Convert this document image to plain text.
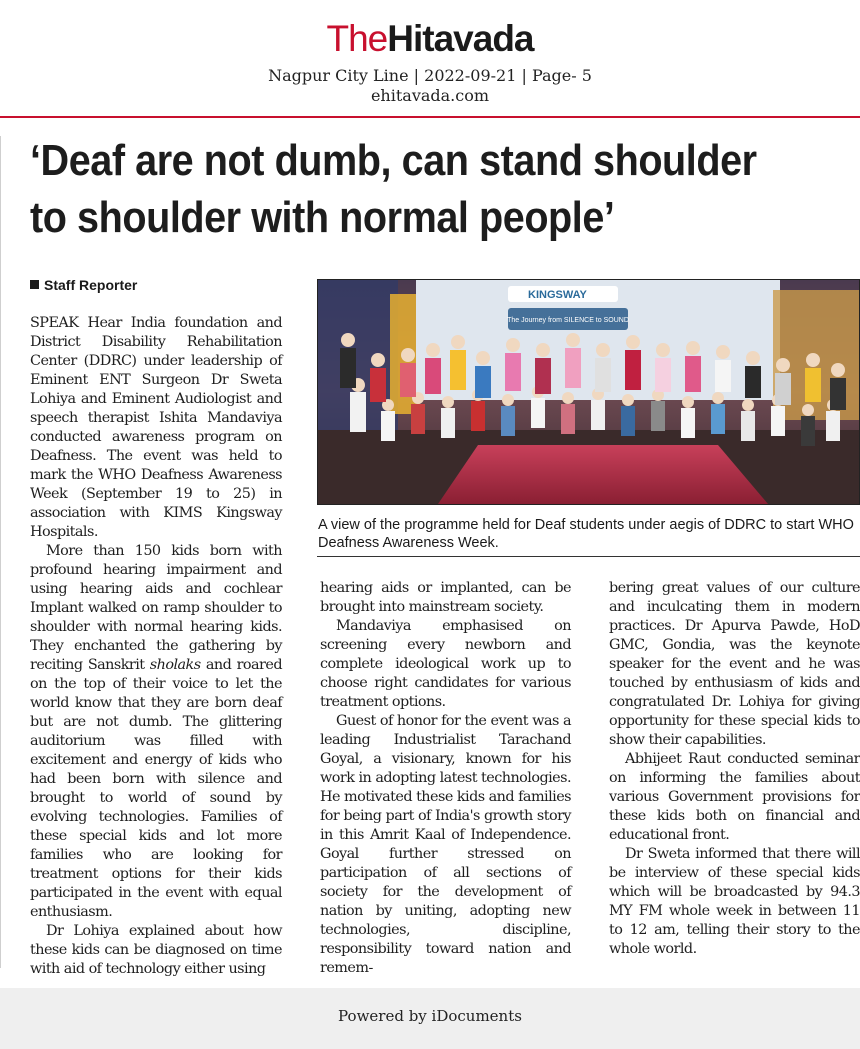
TheHitavada
Nagpur City Line | 2022-09-21 | Page- 5
ehitavada.com
‘Deaf are not dumb, can stand shoulder
to shoulder with normal people’
Staff Reporter
KINGSWAY
The Journey from SILENCE to SOUND
A view of the programme held for Deaf students under aegis of DDRC to start WHO Deafness Awareness Week.

SPEAK Hear India foundation and District Disability Rehabilitation Center (DDRC) under leadership of Eminent ENT Surgeon Dr Sweta Lohiya and Eminent Audiologist and speech therapist Ishita Mandaviya conducted awareness program on Deafness. The event was held to mark the WHO Deafness Awareness Week (September 19 to 25) in association with KIMS Kingsway Hospitals.

More than 150 kids born with profound hearing impairment and using hearing aids and cochlear Implant walked on ramp shoulder to shoulder with normal hearing kids. They enchanted the gathering by reciting Sanskrit sholaks and roared on the top of their voice to let the world know that they are born deaf but are not dumb. The glittering auditorium was filled with excitement and energy of kids who had been born with silence and brought to world of sound by evolving technologies. Families of these special kids and lot more families who are looking for treatment options for their kids participated in the event with equal enthusiasm.

Dr Lohiya explained about how these kids can be diagnosed on time with aid of technology either using

hearing aids or implanted, can be brought into mainstream society.

Mandaviya emphasised on screening every newborn and complete ideological work up to choose right candidates for various treatment options.

Guest of honor for the event was a leading Industrialist Tarachand Goyal, a visionary, known for his work in adopting latest technologies. He motivated these kids and families for being part of India's growth story in this Amrit Kaal of Independence. Goyal further stressed on participation of all sections of society for the development of nation by uniting, adopting new technologies, discipline, responsibility toward nation and remem-

bering great values of our culture and inculcating them in modern practices. Dr Apurva Pawde, HoD GMC, Gondia, was the keynote speaker for the event and he was touched by enthusiasm of kids and congratulated Dr. Lohiya for giving opportunity for these special kids to show their capabilities.

Abhijeet Raut conducted seminar on informing the families about various Government provisions for these kids both on financial and educational front.

Dr Sweta informed that there will be interview of these special kids which will be broadcasted by 94.3 MY FM whole week in between 11 to 12 am, telling their story to the whole world.

Powered by iDocuments
